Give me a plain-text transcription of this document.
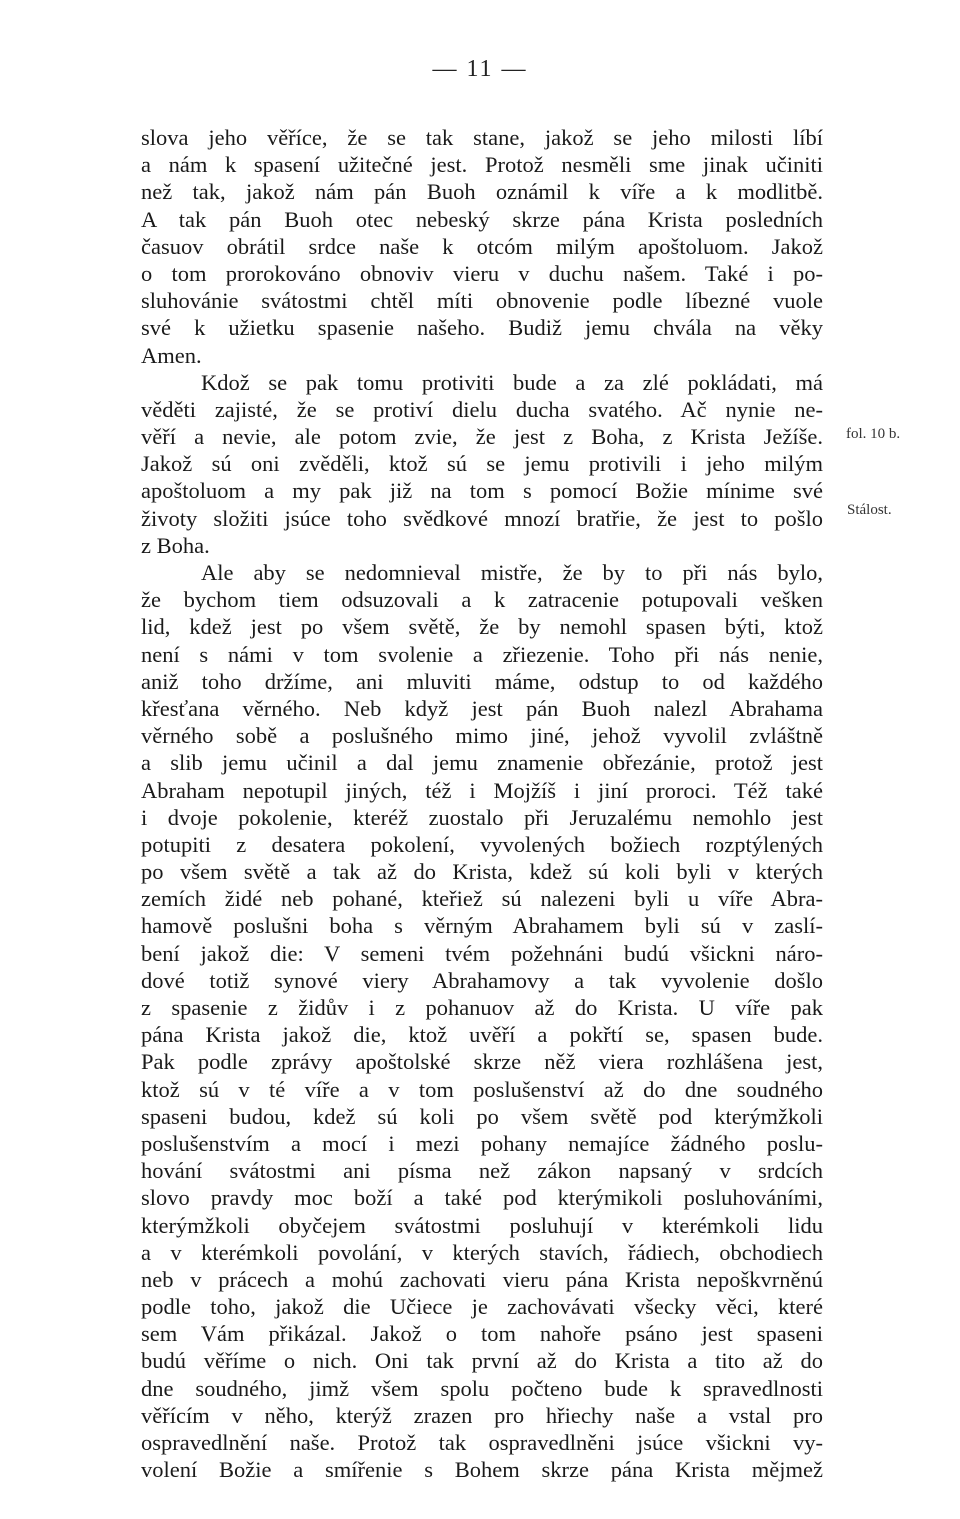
— 11 —
slova jeho věříce, že se tak stane, jakož se jeho milosti líbí
a nám k spasení užitečné jest. Protož nesměli sme jinak učiniti
než tak, jakož nám pán Buoh oznámil k víře a k modlitbě.
A tak pán Buoh otec nebeský skrze pána Krista posledních
časuov obrátil srdce naše k otcóm milým apoštoluom. Jakož
o tom prorokováno obnoviv vieru v duchu našem. Také i po-
sluhovánie svátostmi chtěl míti obnovenie podle líbezné vuole
své k užietku spasenie našeho. Budiž jemu chvála na věky
Amen.
Kdož se pak tomu protiviti bude a za zlé pokládati, má
věděti zajisté, že se protiví dielu ducha svatého. Ač nynie ne-
věří a nevie, ale potom zvie, že jest z Boha, z Krista Ježíše.
Jakož sú oni zvěděli, ktož sú se jemu protivili i jeho milým
apoštoluom a my pak již na tom s pomocí Božie mínime své
životy složiti jsúce toho svědkové mnozí bratřie, že jest to pošlo
z Boha.
Ale aby se nedomnieval mistře, že by to při nás bylo,
že bychom tiem odsuzovali a k zatracenie potupovali vešken
lid, kdež jest po všem světě, že by nemohl spasen býti, ktož
není s námi v tom svolenie a zřiezenie. Toho při nás nenie,
aniž toho držíme, ani mluviti máme, odstup to od každého
křesťana věrného. Neb když jest pán Buoh nalezl Abrahama
věrného sobě a poslušného mimo jiné, jehož vyvolil zvláštně
a slib jemu učinil a dal jemu znamenie obřezánie, protož jest
Abraham nepotupil jiných, též i Mojžíš i jiní proroci. Též také
i dvoje pokolenie, kteréž zuostalo při Jeruzalému nemohlo jest
potupiti z desatera pokolení, vyvolených božiech rozptýlených
po všem světě a tak až do Krista, kdež sú koli byli v kterých
zemích židé neb pohané, kteřiež sú nalezeni byli u víře Abra-
hamově poslušni boha s věrným Abrahamem byli sú v zaslí-
bení jakož die: V semeni tvém požehnáni budú všickni náro-
dové totiž synové viery Abrahamovy a tak vyvolenie došlo
z spasenie z židův i z pohanuov až do Krista. U víře pak
pána Krista jakož die, ktož uvěří a pokřtí se, spasen bude.
Pak podle zprávy apoštolské skrze něž viera rozhlášena jest,
ktož sú v té víře a v tom poslušenství až do dne soudného
spaseni budou, kdež sú koli po všem světě pod kterýmžkoli
poslušenstvím a mocí i mezi pohany nemajíce žádného poslu-
hování svátostmi ani písma než zákon napsaný v srdcích
slovo pravdy moc boží a také pod kterýmikoli posluhováními,
kterýmžkoli obyčejem svátostmi posluhují v kterémkoli lidu
a v kterémkoli povolání, v kterých stavích, řádiech, obchodiech
neb v prácech a mohú zachovati vieru pána Krista nepoškvrněnú
podle toho, jakož die Učiece je zachovávati všecky věci, které
sem Vám přikázal. Jakož o tom nahoře psáno jest spaseni
budú věříme o nich. Oni tak první až do Krista a tito až do
dne soudného, jimž všem spolu počteno bude k spravedlnosti
věřícím v něho, kterýž zrazen pro hřiechy naše a vstal pro
ospravedlnění naše. Protož tak ospravedlněni jsúce všickni vy-
volení Božie a smířenie s Bohem skrze pána Krista mějmež
fol. 10 b.
Stálost.
